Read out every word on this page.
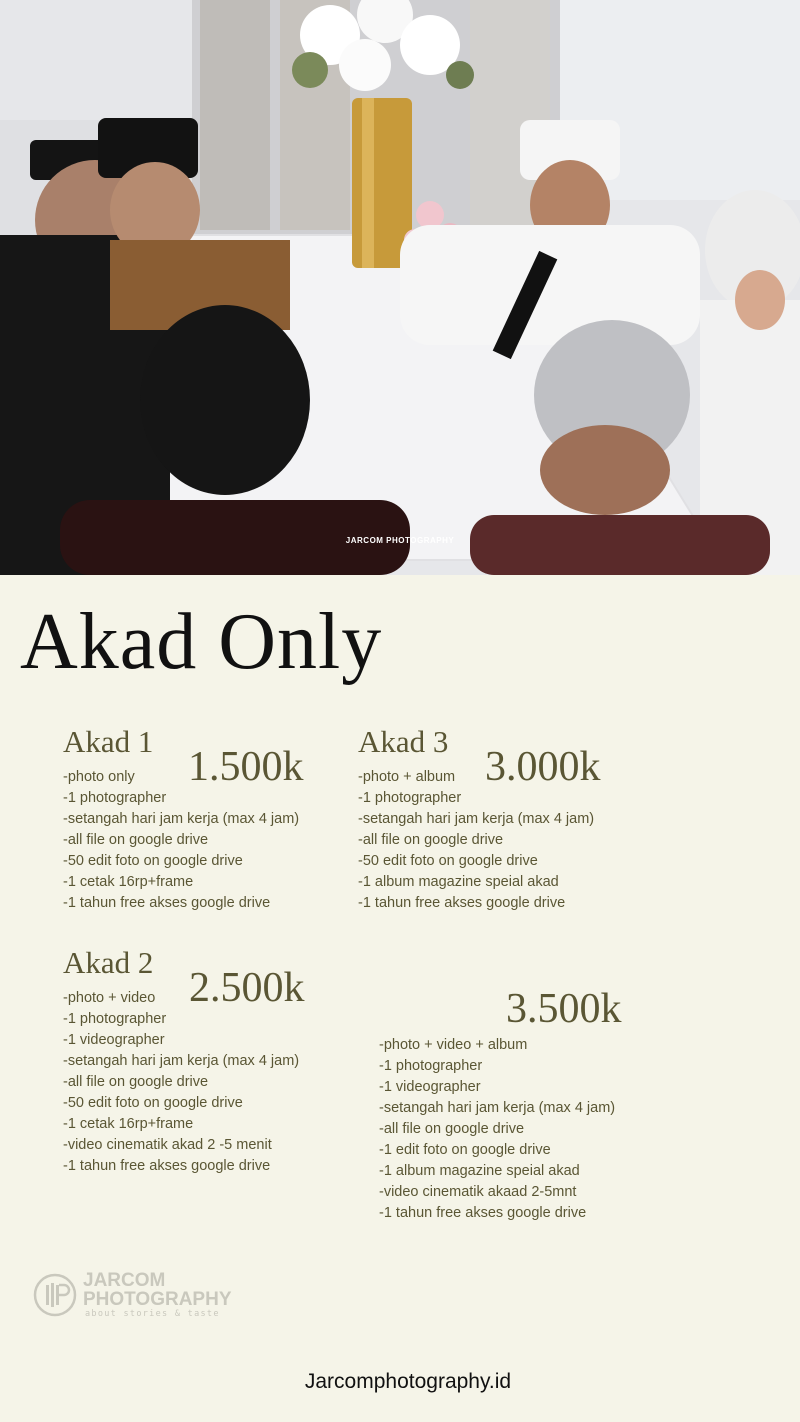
JARCOM PHOTOGRAPHY
Akad Only
Akad 1
1.500k
-photo only
-1 photographer
-setangah hari jam kerja (max 4 jam)
-all file on google drive
-50 edit foto on google drive
-1 cetak 16rp+frame
-1 tahun free akses google drive
Akad 3
3.000k
-photo + album
-1 photographer
-setangah hari jam kerja (max 4 jam)
-all file on google drive
-50 edit foto on google drive
-1 album magazine speial akad
-1 tahun free akses google drive
Akad 2
2.500k
-photo + video
-1 photographer
-1 videographer
-setangah hari jam kerja (max 4 jam)
-all file on google drive
-50 edit foto on google drive
-1 cetak 16rp+frame
-video cinematik akad 2 -5 menit
-1 tahun free akses google drive
3.500k
-photo + video + album
-1 photographer
-1 videographer
-setangah hari jam kerja (max 4 jam)
-all file on google drive
-1 edit foto on google drive
-1 album magazine speial akad
-video cinematik akaad 2-5mnt
-1 tahun free akses google drive
JARCOM
PHOTOGRAPHY
about stories & taste
Jarcomphotography.id
